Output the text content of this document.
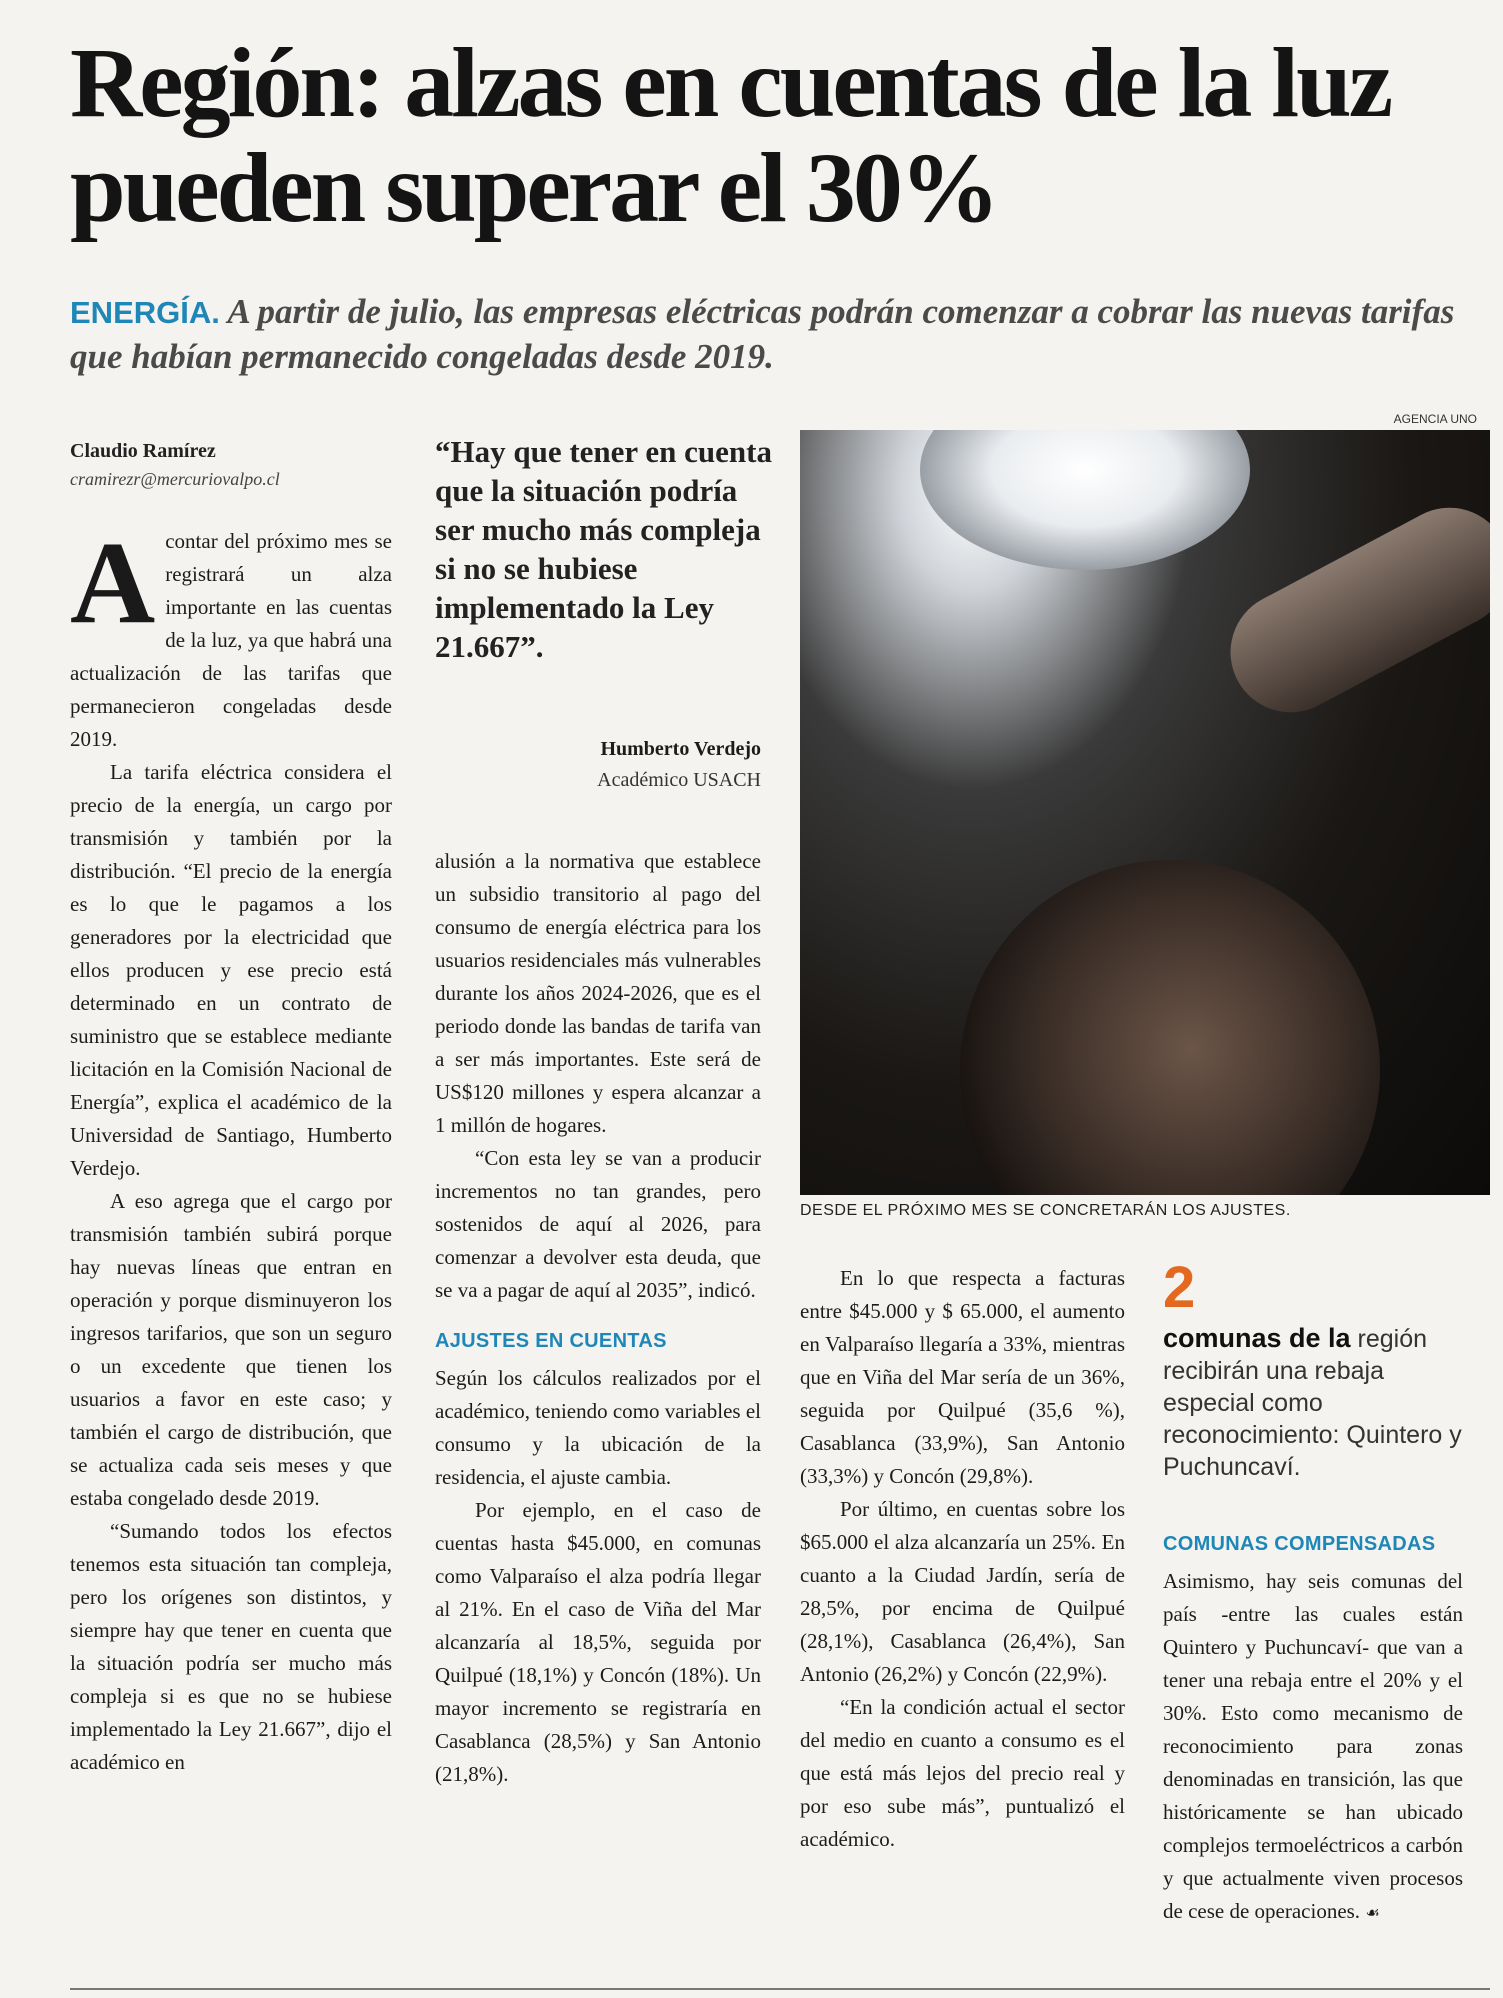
Región: alzas en cuentas de la luz pueden superar el 30%
ENERGÍA. A partir de julio, las empresas eléctricas podrán comenzar a cobrar las nuevas tarifas que habían permanecido congeladas desde 2019.
AGENCIA UNO
Claudio Ramírez
cramirezr@mercuriovalpo.cl

A contar del próximo mes se registrará un alza importante en las cuentas de la luz, ya que habrá una actualización de las tarifas que permanecieron congeladas desde 2019.

La tarifa eléctrica considera el precio de la energía, un cargo por transmisión y también por la distribución. “El precio de la energía es lo que le pagamos a los generadores por la electricidad que ellos producen y ese precio está determinado en un contrato de suministro que se establece mediante licitación en la Comisión Nacional de Energía”, explica el académico de la Universidad de Santiago, Humberto Verdejo.

A eso agrega que el cargo por transmisión también subirá porque hay nuevas líneas que entran en operación y porque disminuyeron los ingresos tarifarios, que son un seguro o un excedente que tienen los usuarios a favor en este caso; y también el cargo de distribución, que se actualiza cada seis meses y que estaba congelado desde 2019.

“Sumando todos los efectos tenemos esta situación tan compleja, pero los orígenes son distintos, y siempre hay que tener en cuenta que la situación podría ser mucho más compleja si es que no se hubiese implementado la Ley 21.667”, dijo el académico en

“Hay que tener en cuenta que la situación podría ser mucho más compleja si no se hubiese implementado la Ley 21.667”.

Humberto Verdejo
Académico USACH

alusión a la normativa que establece un subsidio transitorio al pago del consumo de energía eléctrica para los usuarios residenciales más vulnerables durante los años 2024-2026, que es el periodo donde las bandas de tarifa van a ser más importantes. Este será de US$120 millones y espera alcanzar a 1 millón de hogares.

“Con esta ley se van a producir incrementos no tan grandes, pero sostenidos de aquí al 2026, para comenzar a devolver esta deuda, que se va a pagar de aquí al 2035”, indicó.

AJUSTES EN CUENTAS

Según los cálculos realizados por el académico, teniendo como variables el consumo y la ubicación de la residencia, el ajuste cambia.

Por ejemplo, en el caso de cuentas hasta $45.000, en comunas como Valparaíso el alza podría llegar al 21%. En el caso de Viña del Mar alcanzaría al 18,5%, seguida por Quilpué (18,1%) y Concón (18%). Un mayor incremento se registraría en Casablanca (28,5%) y San Antonio (21,8%).

DESDE EL PRÓXIMO MES SE CONCRETARÁN LOS AJUSTES.

En lo que respecta a facturas entre $45.000 y $ 65.000, el aumento en Valparaíso llegaría a 33%, mientras que en Viña del Mar sería de un 36%, seguida por Quilpué (35,6 %), Casablanca (33,9%), San Antonio (33,3%) y Concón (29,8%).

Por último, en cuentas sobre los $65.000 el alza alcanzaría un 25%. En cuanto a la Ciudad Jardín, sería de 28,5%, por encima de Quilpué (28,1%), Casablanca (26,4%), San Antonio (26,2%) y Concón (22,9%).

“En la condición actual el sector del medio en cuanto a consumo es el que está más lejos del precio real y por eso sube más”, puntualizó el académico.

2
comunas de la región recibirán una rebaja especial como reconocimiento: Quintero y Puchuncaví.
COMUNAS COMPENSADAS

Asimismo, hay seis comunas del país -entre las cuales están Quintero y Puchuncaví- que van a tener una rebaja entre el 20% y el 30%. Esto como mecanismo de reconocimiento para zonas denominadas en transición, las que históricamente se han ubicado complejos termoeléctricos a carbón y que actualmente viven procesos de cese de operaciones. ☙
